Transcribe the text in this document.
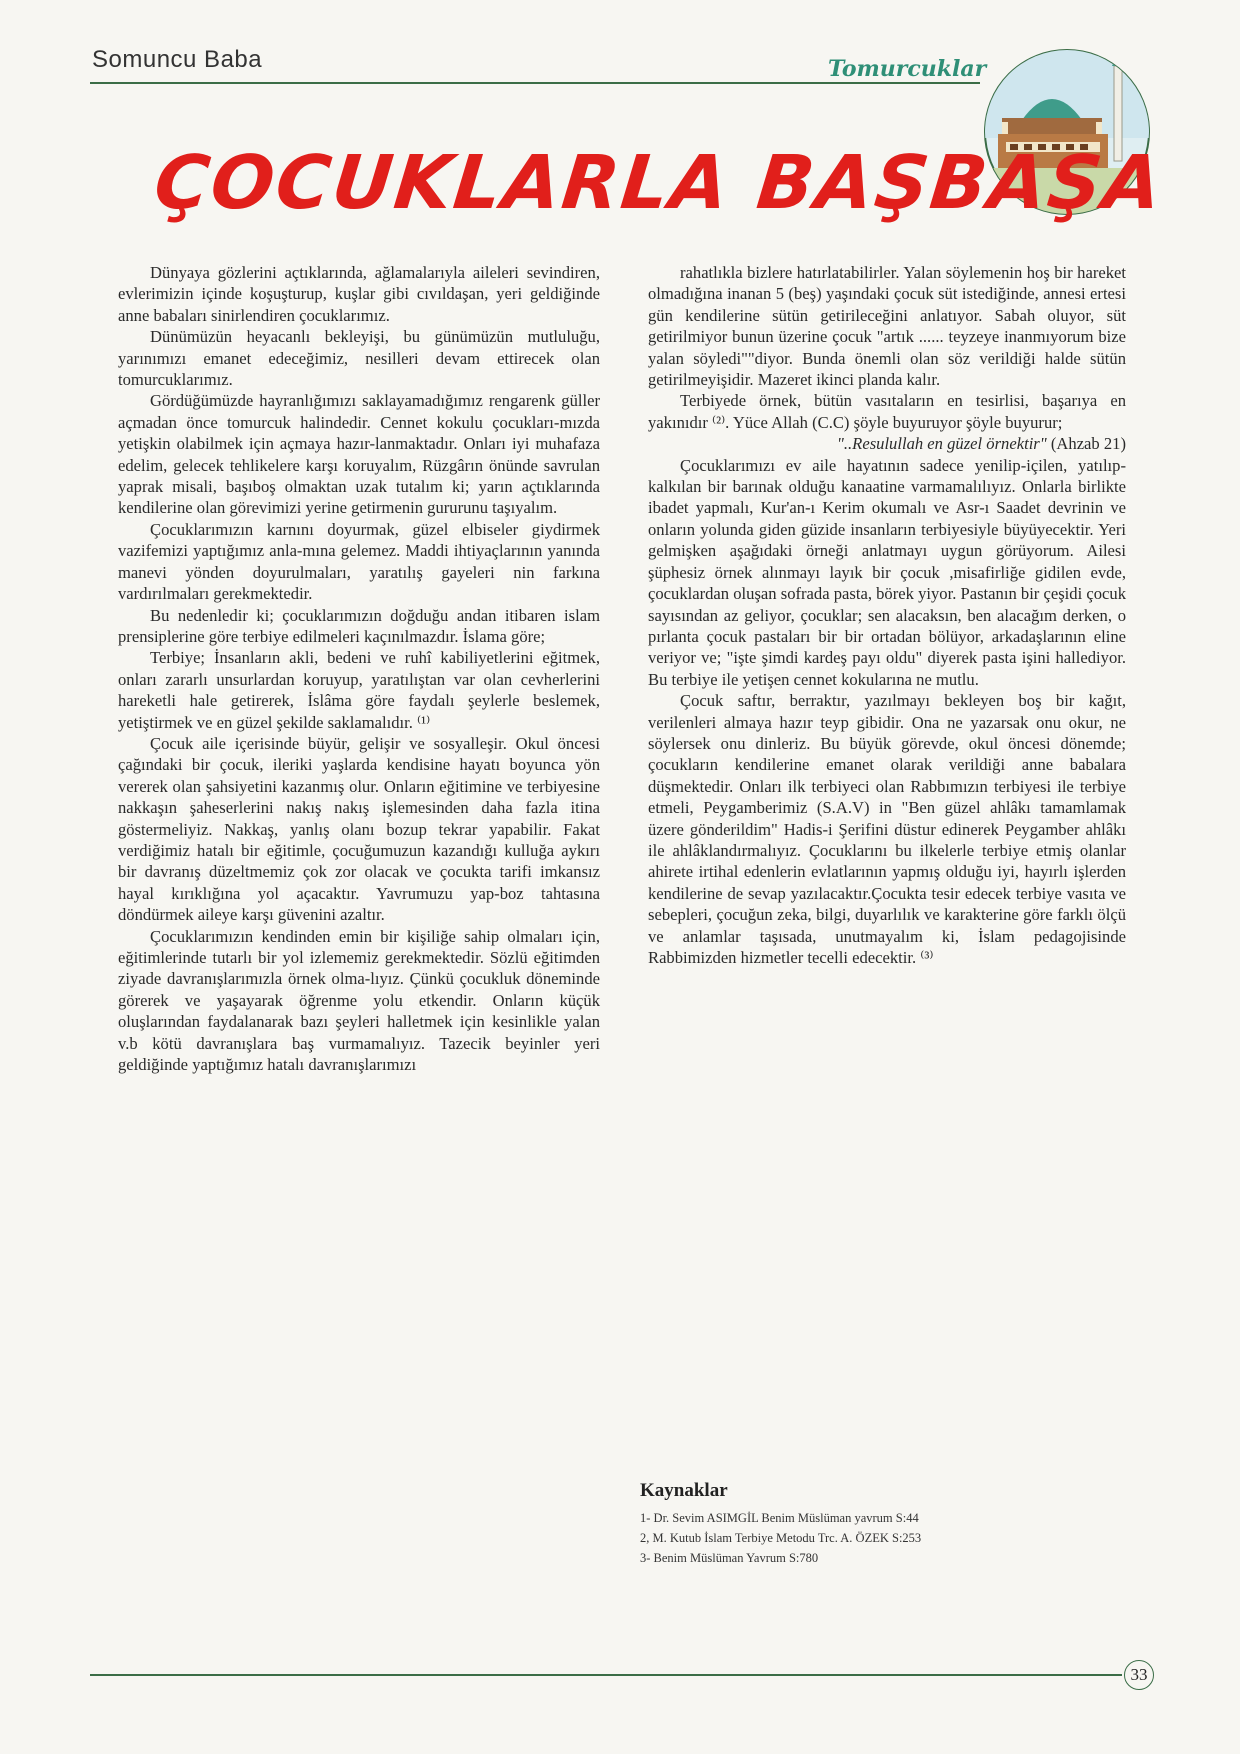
Somuncu Baba	Tomurcuklar
ÇOCUKLARLA BAŞBAŞA

Dünyaya gözlerini açtıklarında, ağlamalarıyla aileleri sevindiren, evlerimizin içinde koşuşturup, kuşlar gibi cıvıldaşan, yeri geldiğinde anne babaları sinirlendiren çocuklarımız.

Dünümüzün heyacanlı bekleyişi, bu günümüzün mutluluğu, yarınımızı emanet edeceğimiz, nesilleri devam ettirecek olan tomurcuklarımız.

Gördüğümüzde hayranlığımızı saklayamadığımız rengarenk güller açmadan önce tomurcuk halindedir. Cennet kokulu çocukları-mızda yetişkin olabilmek için açmaya hazır-lanmaktadır. Onları iyi muhafaza edelim, gelecek tehlikelere karşı koruyalım, Rüzgârın önünde savrulan yaprak misali, başıboş olmaktan uzak tutalım ki; yarın açtıklarında kendilerine olan görevimizi yerine getirmenin gururunu taşıyalım.

Çocuklarımızın karnını doyurmak, güzel elbiseler giydirmek vazifemizi yaptığımız anla-mına gelemez. Maddi ihtiyaçlarının yanında manevi yönden doyurulmaları, yaratılış gayeleri nin farkına vardırılmaları gerekmektedir.

Bu nedenledir ki; çocuklarımızın doğduğu andan itibaren islam prensiplerine göre terbiye edilmeleri kaçınılmazdır. İslama göre;

Terbiye; İnsanların akli, bedeni ve ruhî kabiliyetlerini eğitmek, onları zararlı unsurlardan koruyup, yaratılıştan var olan cevherlerini hareketli hale getirerek, İslâma göre faydalı şeylerle beslemek, yetiştirmek ve en güzel şekilde saklamalıdır. ⁽¹⁾

Çocuk aile içerisinde büyür, gelişir ve sosyalleşir. Okul öncesi çağındaki bir çocuk, ileriki yaşlarda kendisine hayatı boyunca yön vererek olan şahsiyetini kazanmış olur. Onların eğitimine ve terbiyesine nakkaşın şaheserlerini nakış nakış işlemesinden daha fazla itina göstermeliyiz. Nakkaş, yanlış olanı bozup tekrar yapabilir. Fakat verdiğimiz hatalı bir eğitimle, çocuğumuzun kazandığı kulluğa aykırı bir davranış düzeltmemiz çok zor olacak ve çocukta tarifi imkansız hayal kırıklığına yol açacaktır. Yavrumuzu yap-boz tahtasına döndürmek aileye karşı güvenini azaltır.

Çocuklarımızın kendinden emin bir kişiliğe sahip olmaları için, eğitimlerinde tutarlı bir yol izlememiz gerekmektedir. Sözlü eğitimden ziyade davranışlarımızla örnek olma-lıyız. Çünkü çocukluk döneminde görerek ve yaşayarak öğrenme yolu etkendir. Onların küçük oluşlarından faydalanarak bazı şeyleri halletmek için kesinlikle yalan v.b kötü davranışlara baş vurmamalıyız. Tazecik beyinler yeri geldiğinde yaptığımız hatalı davranışlarımızı

rahatlıkla bizlere hatırlatabilirler. Yalan söylemenin hoş bir hareket olmadığına inanan 5 (beş) yaşındaki çocuk süt istediğinde, annesi ertesi gün kendilerine sütün getirileceğini anlatıyor. Sabah oluyor, süt getirilmiyor bunun üzerine çocuk "artık ...... teyzeye inanmıyorum bize yalan söyledi""diyor. Bunda önemli olan söz verildiği halde sütün getirilmeyişidir. Mazeret ikinci planda kalır.

Terbiyede örnek, bütün vasıtaların en tesirlisi, başarıya en yakınıdır ⁽²⁾. Yüce Allah (C.C) şöyle buyuruyor şöyle buyurur;

"..Resulullah en güzel örnektir" (Ahzab 21)

Çocuklarımızı ev aile hayatının sadece yenilip-içilen, yatılıp-kalkılan bir barınak olduğu kanaatine varmamalılıyız. Onlarla birlikte ibadet yapmalı, Kur'an-ı Kerim okumalı ve Asr-ı Saadet devrinin ve onların yolunda giden güzide insanların terbiyesiyle büyüyecektir. Yeri gelmişken aşağıdaki örneği anlatmayı uygun görüyorum. Ailesi şüphesiz örnek alınmayı layık bir çocuk ,misafirliğe gidilen evde, çocuklardan oluşan sofrada pasta, börek yiyor. Pastanın bir çeşidi çocuk sayısından az geliyor, çocuklar; sen alacaksın, ben alacağım derken, o pırlanta çocuk pastaları bir bir ortadan bölüyor, arkadaşlarının eline veriyor ve; "işte şimdi kardeş payı oldu" diyerek pasta işini hallediyor. Bu terbiye ile yetişen cennet kokularına ne mutlu.

Çocuk saftır, berraktır, yazılmayı bekleyen boş bir kağıt, verilenleri almaya hazır teyp gibidir. Ona ne yazarsak onu okur, ne söylersek onu dinleriz. Bu büyük görevde, okul öncesi dönemde; çocukların kendilerine emanet olarak verildiği anne babalara düşmektedir. Onları ilk terbiyeci olan Rabbımızın terbiyesi ile terbiye etmeli, Peygamberimiz (S.A.V) in "Ben güzel ahlâkı tamamlamak üzere gönderildim" Hadis-i Şerifini düstur edinerek Peygamber ahlâkı ile ahlâklandırmalıyız. Çocuklarını bu ilkelerle terbiye etmiş olanlar ahirete irtihal edenlerin evlatlarının yapmış olduğu iyi, hayırlı işlerden kendilerine de sevap yazılacaktır.Çocukta tesir edecek terbiye vasıta ve sebepleri, çocuğun zeka, bilgi, duyarlılık ve karakterine göre farklı ölçü ve anlamlar taşısada, unutmayalım ki, İslam pedagojisinde Rabbimizden hizmetler tecelli edecektir. ⁽³⁾

Kaynaklar
1- Dr. Sevim ASIMGİL Benim Müslüman yavrum S:44
2, M. Kutub İslam Terbiye Metodu Trc. A. ÖZEK S:253
3- Benim Müslüman Yavrum S:780
33
